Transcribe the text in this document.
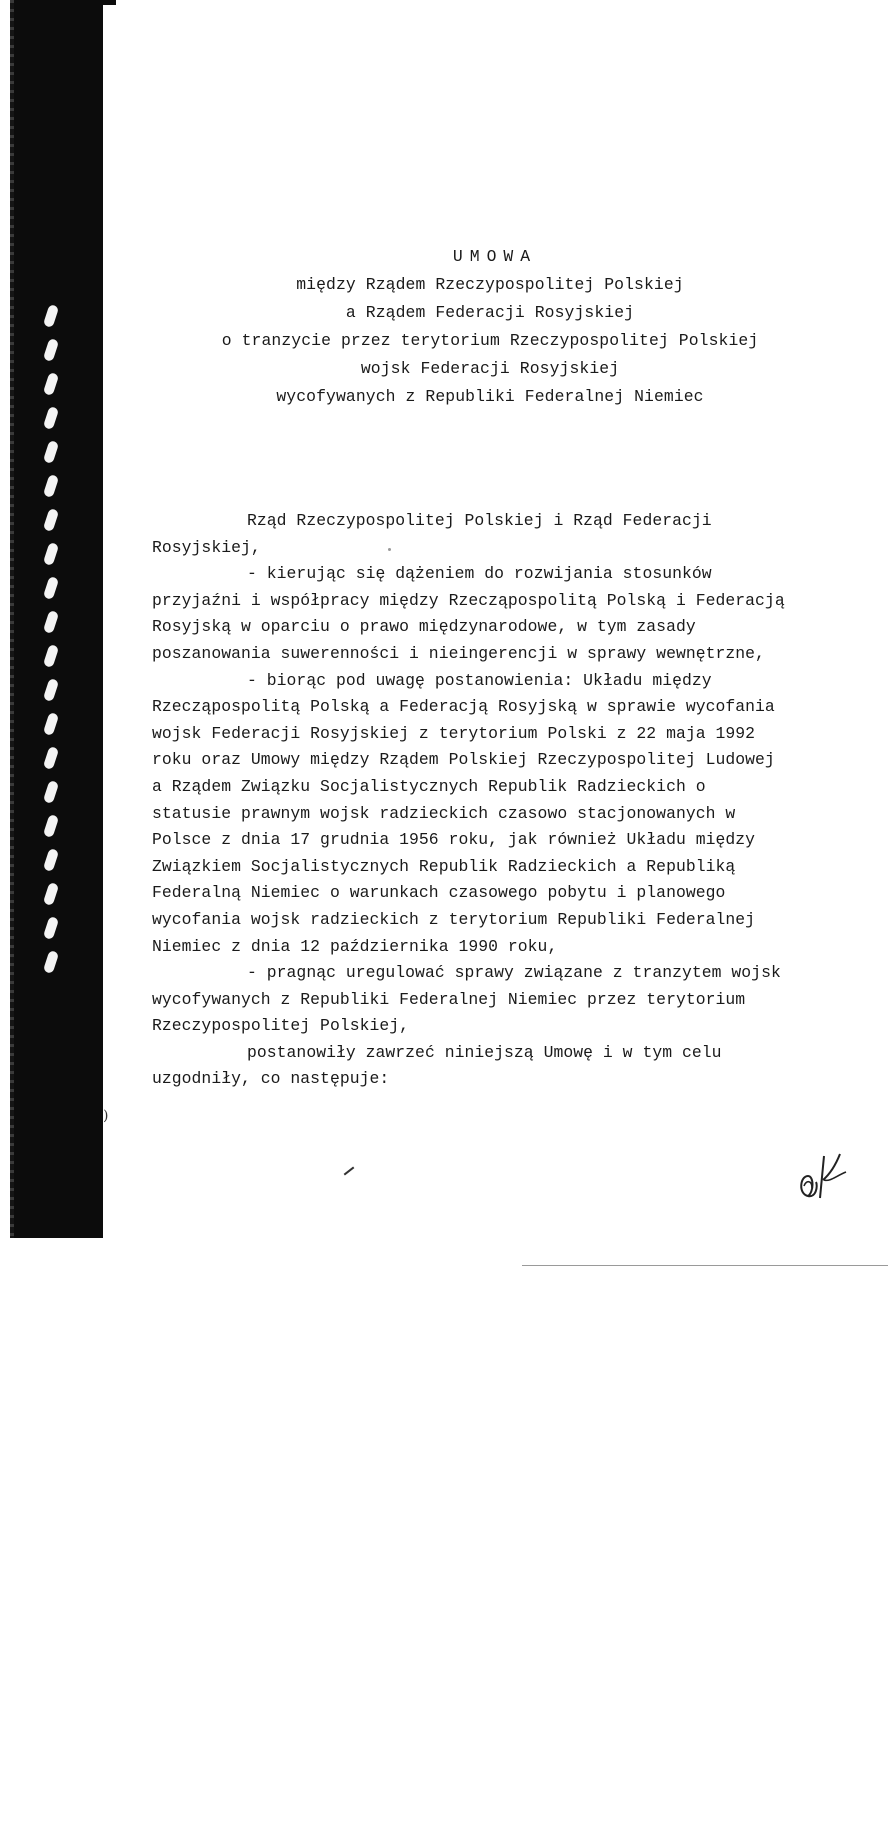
UMOWA
między Rządem Rzeczypospolitej Polskiej
a Rządem Federacji Rosyjskiej
o tranzycie przez terytorium Rzeczypospolitej Polskiej
wojsk Federacji Rosyjskiej
wycofywanych z Republiki Federalnej Niemiec

Rząd Rzeczypospolitej Polskiej i Rząd Federacji
Rosyjskiej,

- kierując się dążeniem do rozwijania stosunków
przyjaźni i współpracy między Rzecząpospolitą Polską i Federacją
Rosyjską w oparciu o prawo międzynarodowe, w tym zasady
poszanowania suwerenności i nieingerencji w sprawy wewnętrzne,

- biorąc pod uwagę postanowienia: Układu między
Rzecząpospolitą Polską a Federacją Rosyjską w sprawie wycofania
wojsk Federacji Rosyjskiej z terytorium Polski z 22 maja 1992
roku oraz Umowy między Rządem Polskiej Rzeczypospolitej Ludowej
a Rządem Związku Socjalistycznych Republik Radzieckich o
statusie prawnym wojsk radzieckich czasowo stacjonowanych w
Polsce z dnia 17 grudnia 1956 roku, jak również Układu między
Związkiem Socjalistycznych Republik Radzieckich a Republiką
Federalną Niemiec o warunkach czasowego pobytu i planowego
wycofania wojsk radzieckich z terytorium Republiki Federalnej
Niemiec z dnia 12 października 1990 roku,

- pragnąc uregulować sprawy związane z tranzytem wojsk
wycofywanych z Republiki Federalnej Niemiec przez terytorium
Rzeczypospolitej Polskiej,

postanowiły zawrzeć niniejszą Umowę i w tym celu
uzgodniły, co następuje:

)
